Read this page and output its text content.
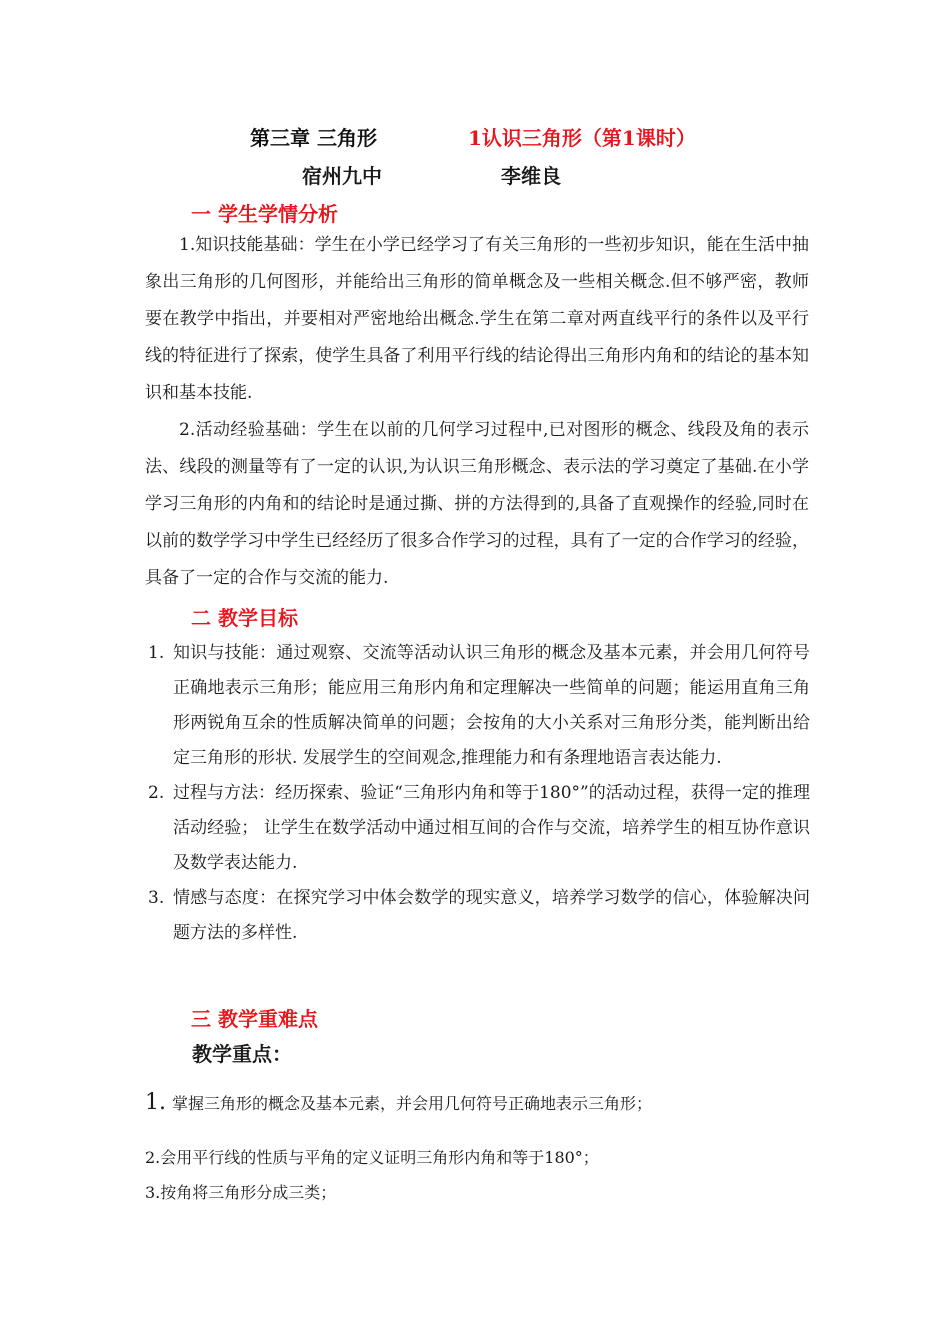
第三章 三角形	1认识三角形（第1课时）
宿州九中	李维良
一 学生学情分析

1.知识技能基础：学生在小学已经学习了有关三角形的一些初步知识，能在生活中抽象出三角形的几何图形，并能给出三角形的简单概念及一些相关概念.但不够严密，教师要在教学中指出，并要相对严密地给出概念.学生在第二章对两直线平行的条件以及平行线的特征进行了探索，使学生具备了利用平行线的结论得出三角形内角和的结论的基本知识和基本技能.

2.活动经验基础：学生在以前的几何学习过程中,已对图形的概念、线段及角的表示法、线段的测量等有了一定的认识,为认识三角形概念、表示法的学习奠定了基础.在小学学习三角形的内角和的结论时是通过撕、拼的方法得到的,具备了直观操作的经验,同时在以前的数学学习中学生已经经历了很多合作学习的过程，具有了一定的合作学习的经验，具备了一定的合作与交流的能力.

二 教学目标
1. 知识与技能：通过观察、交流等活动认识三角形的概念及基本元素，并会用几何符号正确地表示三角形；能应用三角形内角和定理解决一些简单的问题；能运用直角三角形两锐角互余的性质解决简单的问题；会按角的大小关系对三角形分类，能判断出给定三角形的形状. 发展学生的空间观念,推理能力和有条理地语言表达能力.
2. 过程与方法：经历探索、验证“三角形内角和等于180°”的活动过程，获得一定的推理活动经验； 让学生在数学活动中通过相互间的合作与交流，培养学生的相互协作意识及数学表达能力.
3. 情感与态度：在探究学习中体会数学的现实意义，培养学习数学的信心，体验解决问题方法的多样性.
三 教学重难点
教学重点：
1. 掌握三角形的概念及基本元素，并会用几何符号正确地表示三角形；
2.会用平行线的性质与平角的定义证明三角形内角和等于180°；
3.按角将三角形分成三类；
